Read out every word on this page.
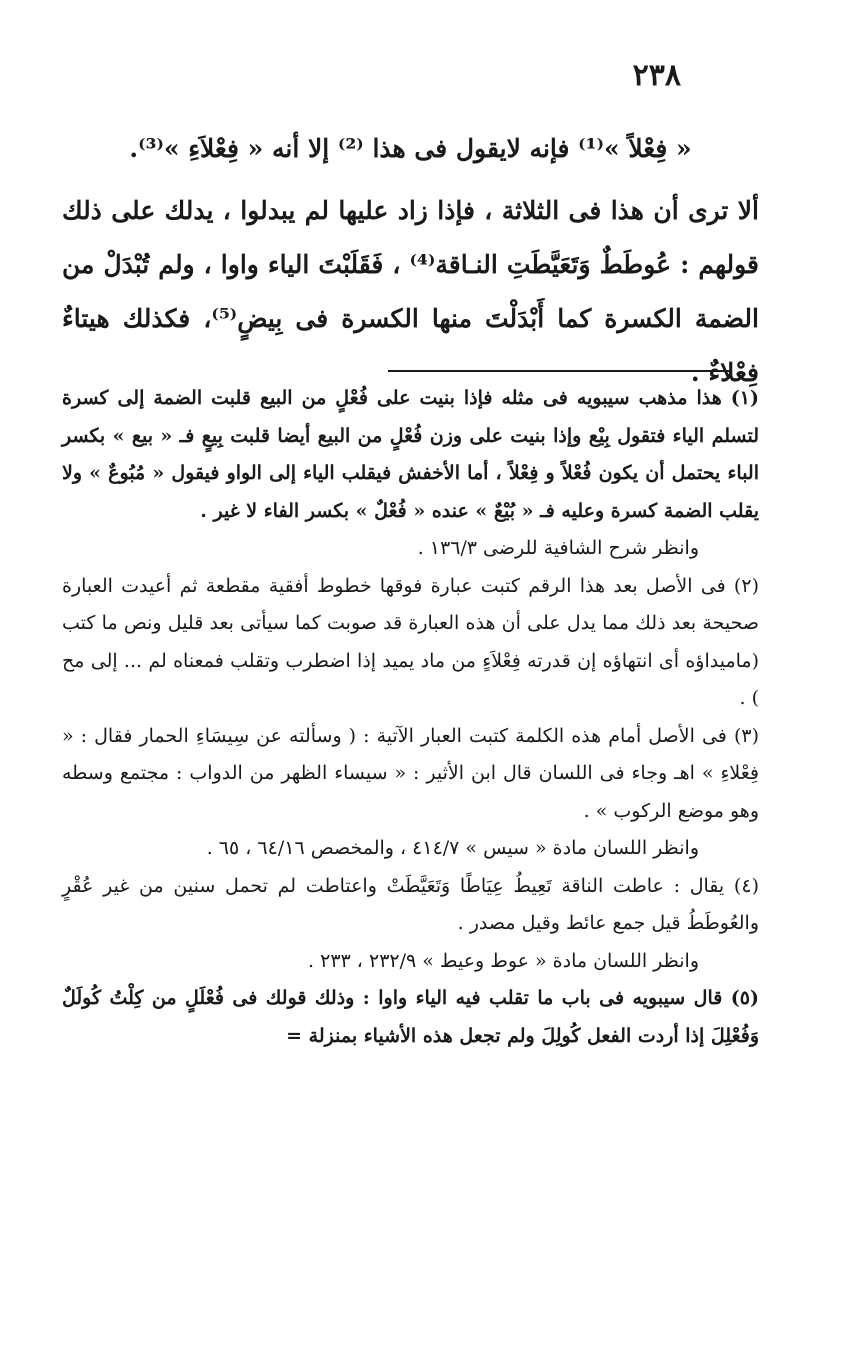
٢٣٨

« فِعْلاً »⁽¹⁾ فإنه لايقول فى هذا ⁽²⁾ إلا أنه « فِعْلاَءِ »⁽³⁾.

ألا ترى أن هذا فى الثلاثة ، فإذا زاد عليها لم يبدلوا ، يدلك على ذلك قولهم : عُوطَطٌ وَتَعَيَّطَتِ النـاقة⁽⁴⁾ ، فَقَلَبْتَ الياء واوا ، ولم تُبْدَلْ من الضمة الكسرة كما أَبْدَلْتَ منها الكسرة فى بِيضٍ⁽⁵⁾، فكذلك هيتاءٌ فِعْلاءٌ .

(١) هذا مذهب سيبويه فى مثله فإذا بنيت على فُعْلٍ من البيع قلبت الضمة إلى كسرة لتسلم الياء فتقول بِيْع وإذا بنيت على وزن فُعْلٍ من البيع أيضا قلبت بِيعٍ فـ « بيع » بكسر الباء يحتمل أن يكون فُعْلاً و فِعْلاً ، أما الأخفش فيقلب الياء إلى الواو فيقول « مُبُوعٌ » ولا يقلب الضمة كسرة وعليه فـ « بُيْعٌ » عنده « فُعْلٌ » بكسر الفاء لا غير .

وانظر شرح الشافية للرضى ١٣٦/٣ .

(٢) فى الأصل بعد هذا الرقم كتبت عبارة فوقها خطوط أفقية مقطعة ثم أعيدت العبارة صحيحة بعد ذلك مما يدل على أن هذه العبارة قد صوبت كما سيأتى بعد قليل ونص ما كتب (ماميداؤه أى انتهاؤه إن قدرته فِعْلاَءٍ من ماد يميد إذا اضطرب وتقلب فمعناه لم ... إلى مح ) .

(٣) فى الأصل أمام هذه الكلمة كتبت العبار الآتية : ( وسألته عن سِيسَاءِ الحمار فقال : « فِعْلاءِ » اهـ وجاء فى اللسان قال ابن الأثير : « سيساء الظهر من الدواب : مجتمع وسطه وهو موضع الركوب » .

وانظر اللسان مادة « سيس » ٤١٤/٧ ، والمخصص ٦٤/١٦ ، ٦٥ .

(٤) يقال : عاطت الناقة تَعِيطُ عِيَاطًا وَتَعَيَّطَتْ واعتاطت لم تحمل سنين من غير عُقْرٍ والعُوطَطُ قيل جمع عائط وقيل مصدر .

وانظر اللسان مادة « عوط وعيط » ٢٣٢/٩ ، ٢٣٣ .

(٥) قال سيبويه فى باب ما تقلب فيه الياء واوا : وذلك قولك فى فُعْلَلٍ من كِلْتُ كُولَلٌ وَفُعْلِلَ إذا أردت الفعل كُولِلَ ولم تجعل هذه الأشياء بمنزلة =
